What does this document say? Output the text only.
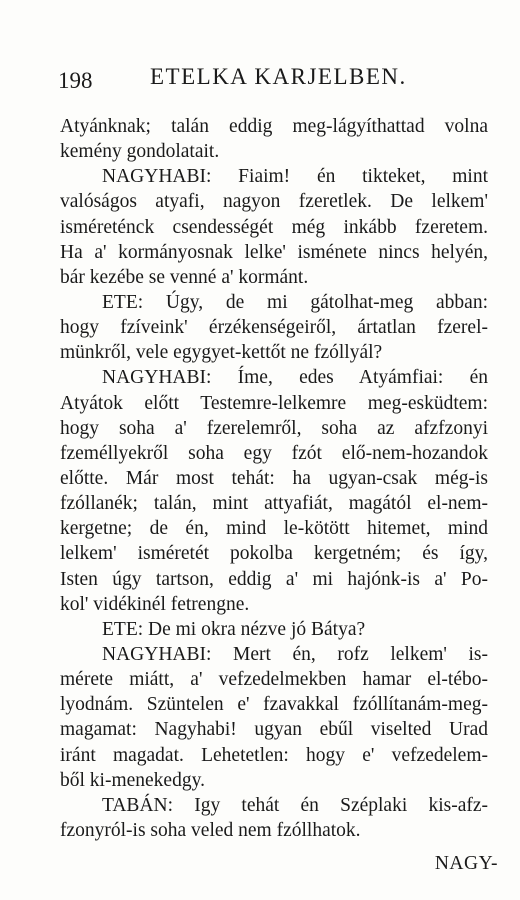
198	ETELKA KARJELBEN.
Atyánknak; talán eddig meg-lágyíthattad volna
kemény gondolatait.
NAGYHABI: Fiaim! én tikteket, mint
valóságos atyafi, nagyon fzeretlek. De lelkem'
isméreténck csendességét még inkább fzeretem.
Ha a' kormányosnak lelke' isménete nincs helyén,
bár kezébe se venné a' kormánt.
ETE: Úgy, de mi gátolhat-meg abban:
hogy fzíveink' érzékenségeiről, ártatlan fzerel-
münkről, vele egygyet-kettőt ne fzóllyál?
NAGYHABI: Íme, edes Atyámfiai: én
Atyátok előtt Testemre-lelkemre meg-esküdtem:
hogy soha a' fzerelemről, soha az afzfzonyi
fzeméllyekről soha egy fzót elő-nem-hozandok
előtte. Már most tehát: ha ugyan-csak még-is
fzóllanék; talán, mint attyafiát, magától el-nem-
kergetne; de én, mind le-kötött hitemet, mind
lelkem' isméretét pokolba kergetném; és így,
Isten úgy tartson, eddig a' mi hajónk-is a' Po-
kol' vidékinél fetrengne.
ETE: De mi okra nézve jó Bátya?
NAGYHABI: Mert én, rofz lelkem' is-
mérete miátt, a' vefzedelmekben hamar el-tébo-
lyodnám. Szüntelen e' fzavakkal fzóllítanám-meg-
magamat: Nagyhabi! ugyan ebűl viselted Urad
iránt magadat. Lehetetlen: hogy e' vefzedelem-
ből ki-menekedgy.
TABÁN: Igy tehát én Széplaki kis-afz-
fzonyról-is soha veled nem fzóllhatok.
NAGY-
